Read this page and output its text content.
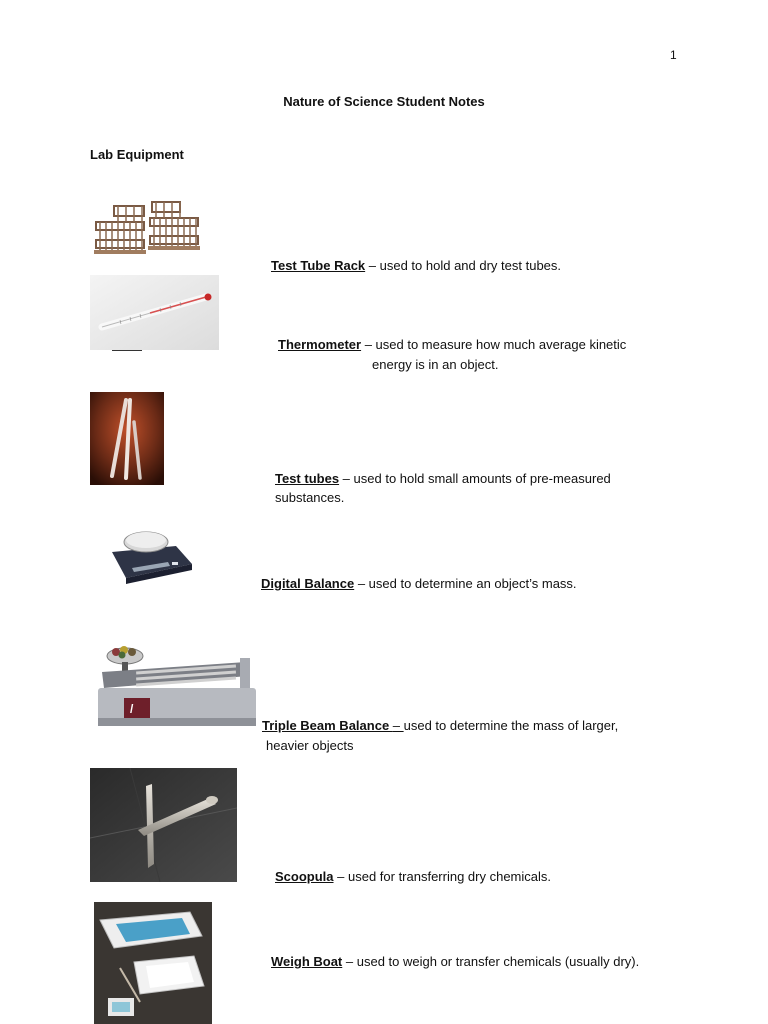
1
Nature of Science Student Notes
Lab Equipment
/
Test Tube Rack – used to hold and dry test tubes.
Thermometer – used to measure how much average kinetic
energy is in an object.
Test tubes – used to hold small amounts of pre-measured
substances.
Digital Balance – used to determine an object’s mass.
Triple Beam Balance – used to determine the mass of larger,
heavier objects
Scoopula – used for transferring dry chemicals.
Weigh Boat – used to weigh or transfer chemicals (usually dry).
